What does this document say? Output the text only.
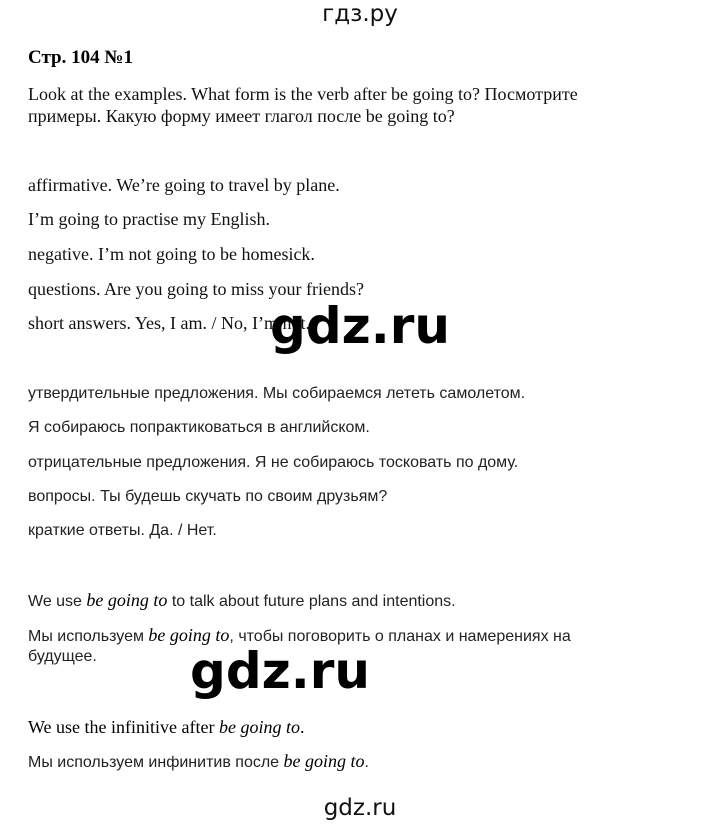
гдз.ру
Стр. 104 №1
Look at the examples. What form is the verb after be going to? Посмотрите
примеры. Какую форму имеет глагол после be going to?
affirmative. We’re going to travel by plane.
I’m going to practise my English.
negative. I’m not going to be homesick.
questions. Are you going to miss your friends?
short answers. Yes, I am. / No, I’m not.
gdz.ru
утвердительные предложения. Мы собираемся лететь самолетом.
Я собираюсь попрактиковаться в английском.
отрицательные предложения. Я не собираюсь тосковать по дому.
вопросы. Ты будешь скучать по своим друзьям?
краткие ответы. Да. / Нет.
We use be going to to talk about future plans and intentions.
Мы используем be going to, чтобы поговорить о планах и намерениях на
будущее.	gdz.ru
We use the infinitive after be going to.
Мы используем инфинитив после be going to.
gdz.ru
